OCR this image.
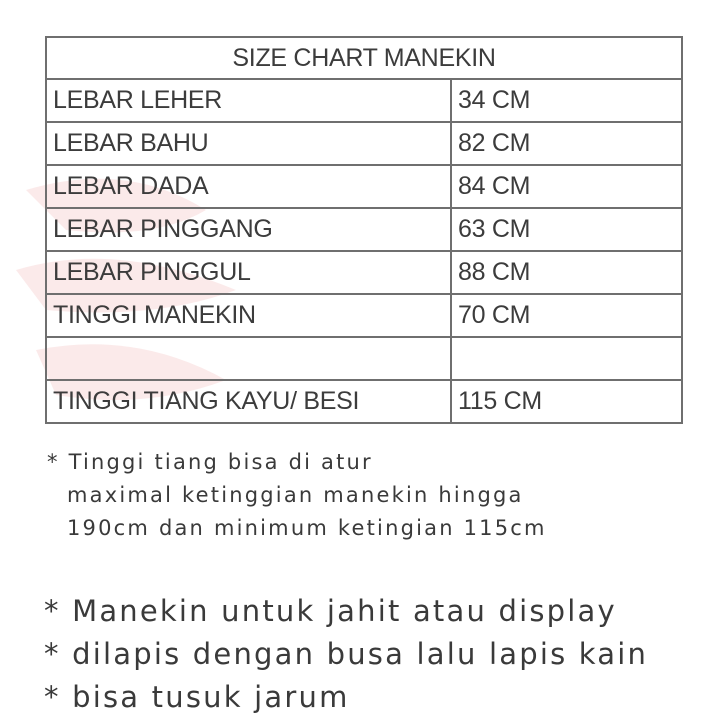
SIZE CHART MANEKIN	
LEBAR LEHER	34 CM
LEBAR BAHU	82 CM
LEBAR DADA	84 CM
LEBAR PINGGANG	63 CM
LEBAR PINGGUL	88 CM
TINGGI MANEKIN	70 CM

TINGGI TIANG KAYU/ BESI	115 CM

* Tinggi tiang bisa di atur
maximal ketinggian manekin hingga
190cm dan minimum ketingian 115cm

* Manekin untuk jahit atau display
* dilapis dengan busa lalu lapis kain
* bisa tusuk jarum
